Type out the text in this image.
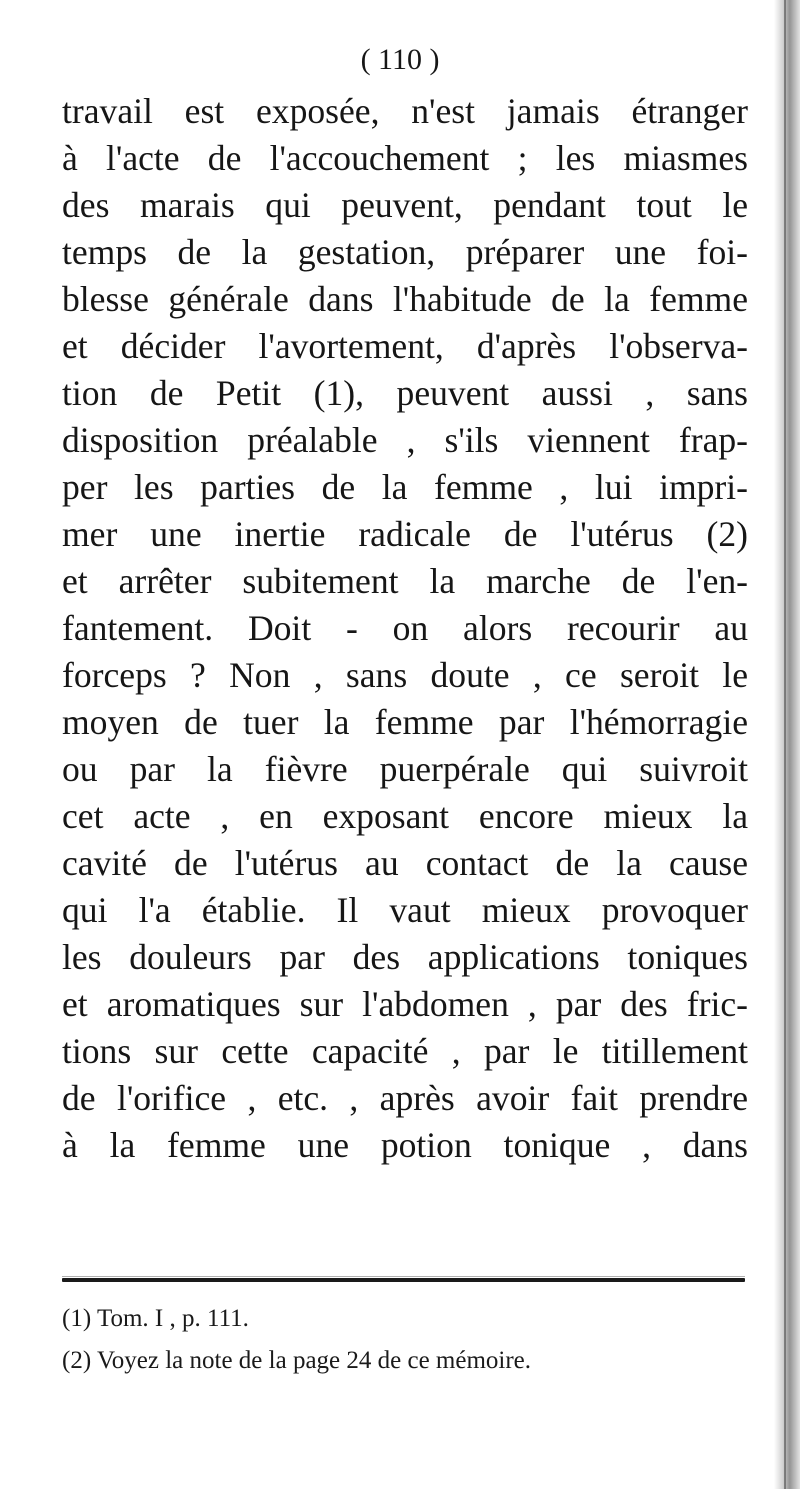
( 110 )
travail est exposée, n'est jamais étranger
à l'acte de l'accouchement ; les miasmes
des marais qui peuvent, pendant tout le
temps de la gestation, préparer une foi-
blesse générale dans l'habitude de la femme
et décider l'avortement, d'après l'observa-
tion de Petit (1), peuvent aussi , sans
disposition préalable , s'ils viennent frap-
per les parties de la femme , lui impri-
mer une inertie radicale de l'utérus (2)
et arrêter subitement la marche de l'en-
fantement. Doit - on alors recourir au
forceps ? Non , sans doute , ce seroit le
moyen de tuer la femme par l'hémorragie
ou par la fièvre puerpérale qui suivroit
cet acte , en exposant encore mieux la
cavité de l'utérus au contact de la cause
qui l'a établie. Il vaut mieux provoquer
les douleurs par des applications toniques
et aromatiques sur l'abdomen , par des fric-
tions sur cette capacité , par le titillement
de l'orifice , etc. , après avoir fait prendre
à la femme une potion tonique , dans
(1) Tom. I , p. 111.
(2) Voyez la note de la page 24 de ce mémoire.
